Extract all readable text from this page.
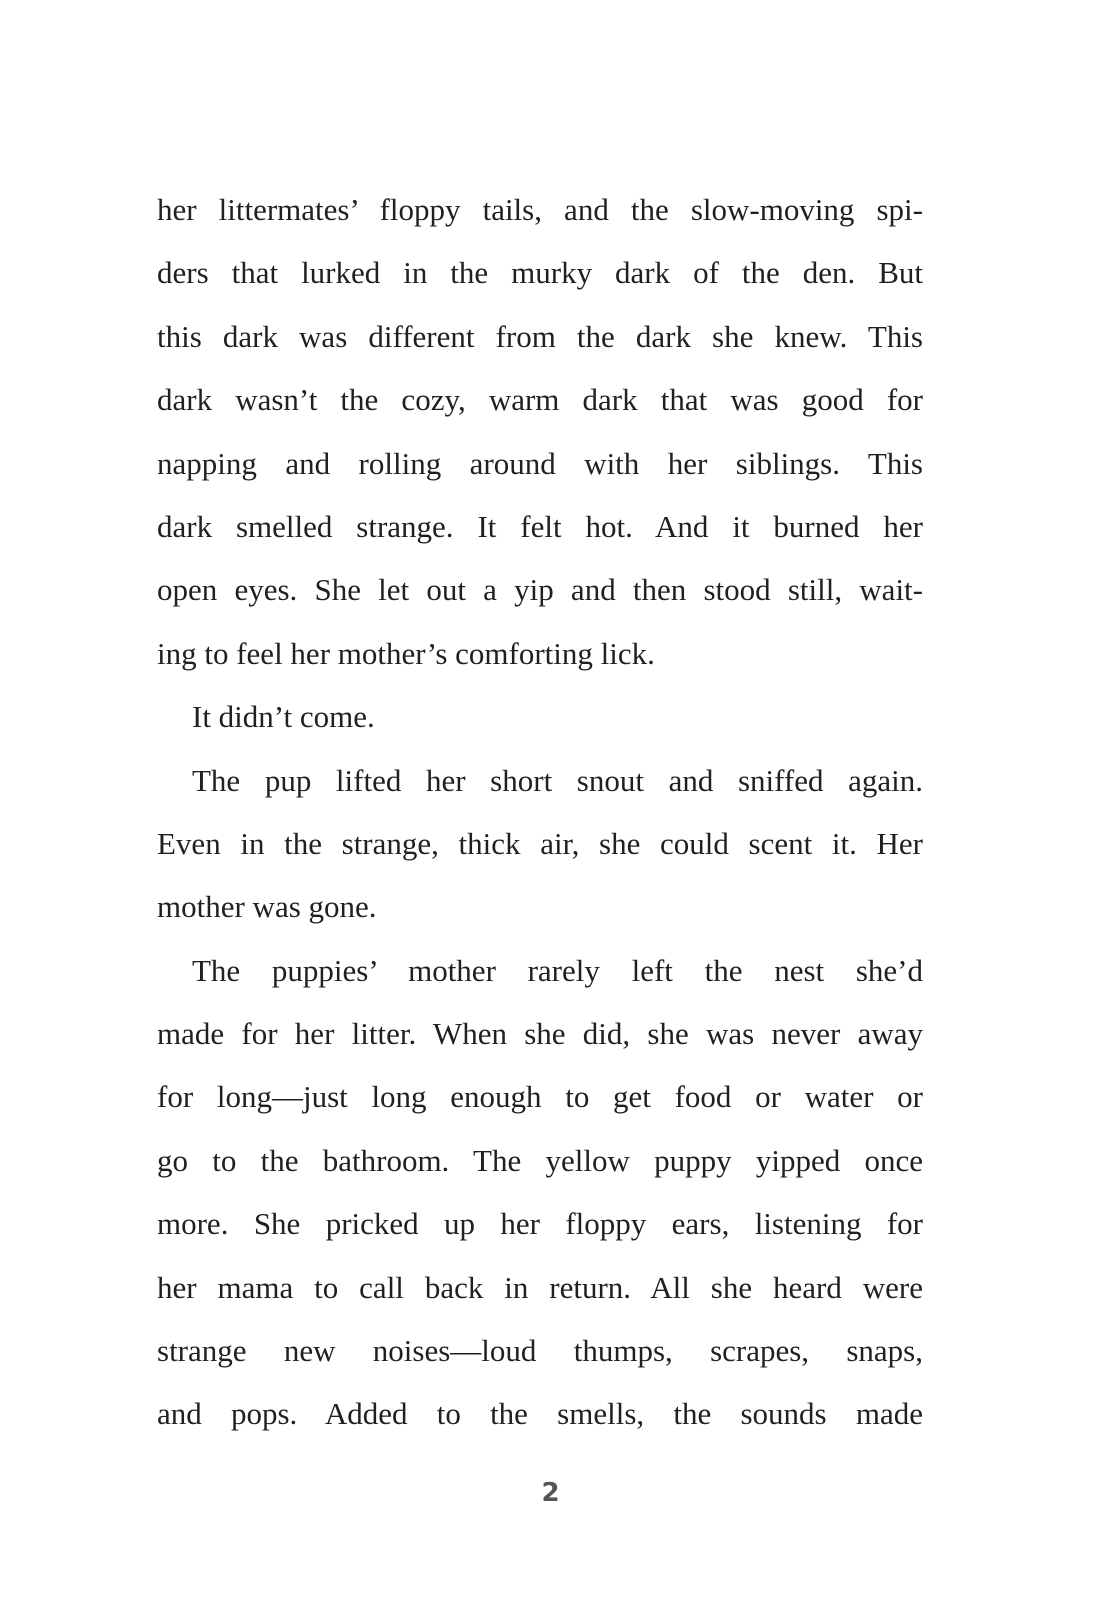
her littermates’ floppy tails, and the slow-moving spi-
ders that lurked in the murky dark of the den. But
this dark was different from the dark she knew. This
dark wasn’t the cozy, warm dark that was good for
napping and rolling around with her siblings. This
dark smelled strange. It felt hot. And it burned her
open eyes. She let out a yip and then stood still, wait-
ing to feel her mother’s comforting lick.
It didn’t come.
The pup lifted her short snout and sniffed again.
Even in the strange, thick air, she could scent it. Her
mother was gone.
The puppies’ mother rarely left the nest she’d
made for her litter. When she did, she was never away
for long—just long enough to get food or water or
go to the bathroom. The yellow puppy yipped once
more. She pricked up her floppy ears, listening for
her mama to call back in return. All she heard were
strange new noises—loud thumps, scrapes, snaps,
and pops. Added to the smells, the sounds made
2
